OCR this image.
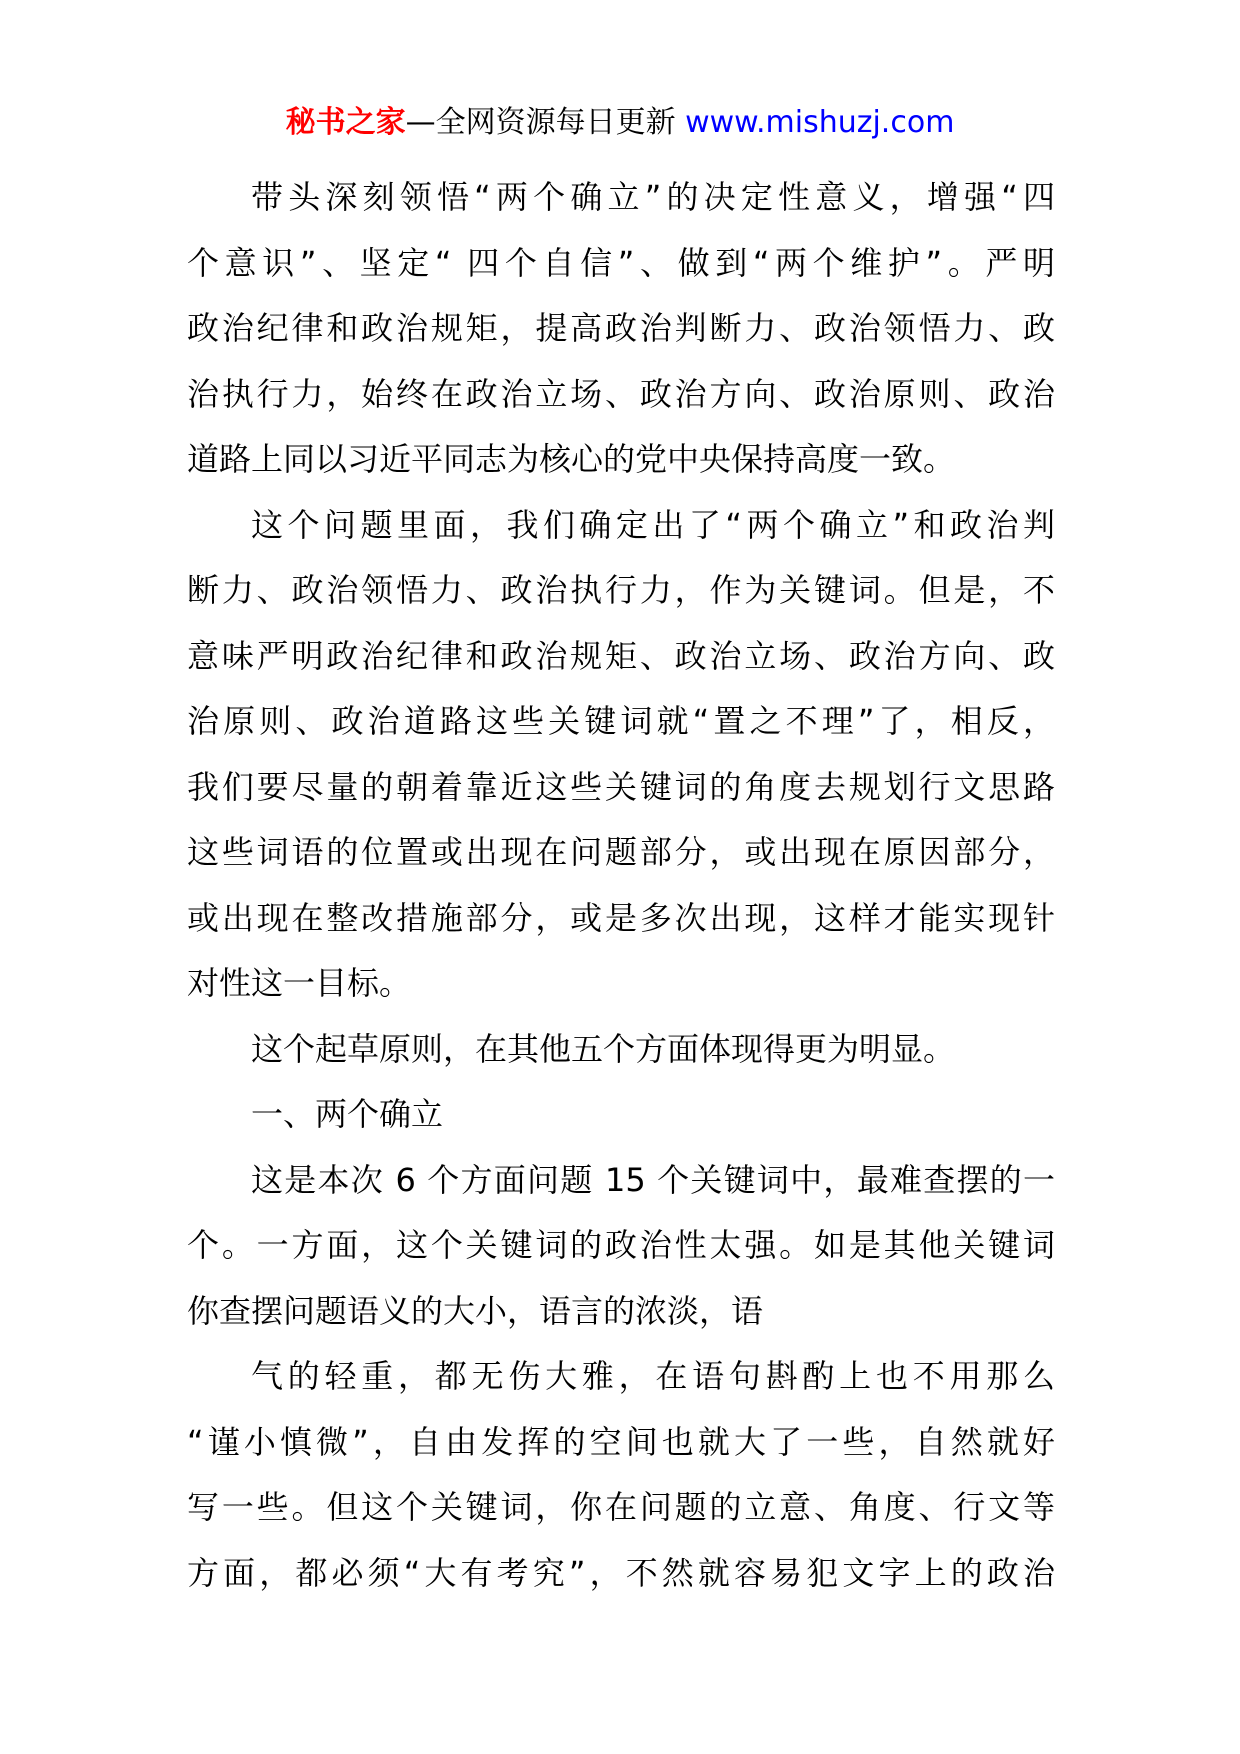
秘书之家—全网资源每日更新 www.mishuzj.com

带头深刻领悟“两个确立”的决定性意义，增强“四
个意识”、坚定“ 四个自信”、做到“两个维护”。严明
政治纪律和政治规矩，提高政治判断力、政治领悟力、政
治执行力，始终在政治立场、政治方向、政治原则、政治
道路上同以习近平同志为核心的党中央保持高度一致。

这个问题里面，我们确定出了“两个确立”和政治判
断力、政治领悟力、政治执行力，作为关键词。但是，不
意味严明政治纪律和政治规矩、政治立场、政治方向、政
治原则、政治道路这些关键词就“置之不理”了，相反，
我们要尽量的朝着靠近这些关键词的角度去规划行文思路
这些词语的位置或出现在问题部分，或出现在原因部分，
或出现在整改措施部分，或是多次出现，这样才能实现针
对性这一目标。

这个起草原则，在其他五个方面体现得更为明显。

一、两个确立

这是本次 6 个方面问题 15 个关键词中，最难查摆的一
个。一方面，这个关键词的政治性太强。如是其他关键词
你查摆问题语义的大小，语言的浓淡，语

气的轻重，都无伤大雅，在语句斟酌上也不用那么
“谨小慎微”，自由发挥的空间也就大了一些，自然就好
写一些。但这个关键词，你在问题的立意、角度、行文等
方面，都必须“大有考究”，不然就容易犯文字上的政治
